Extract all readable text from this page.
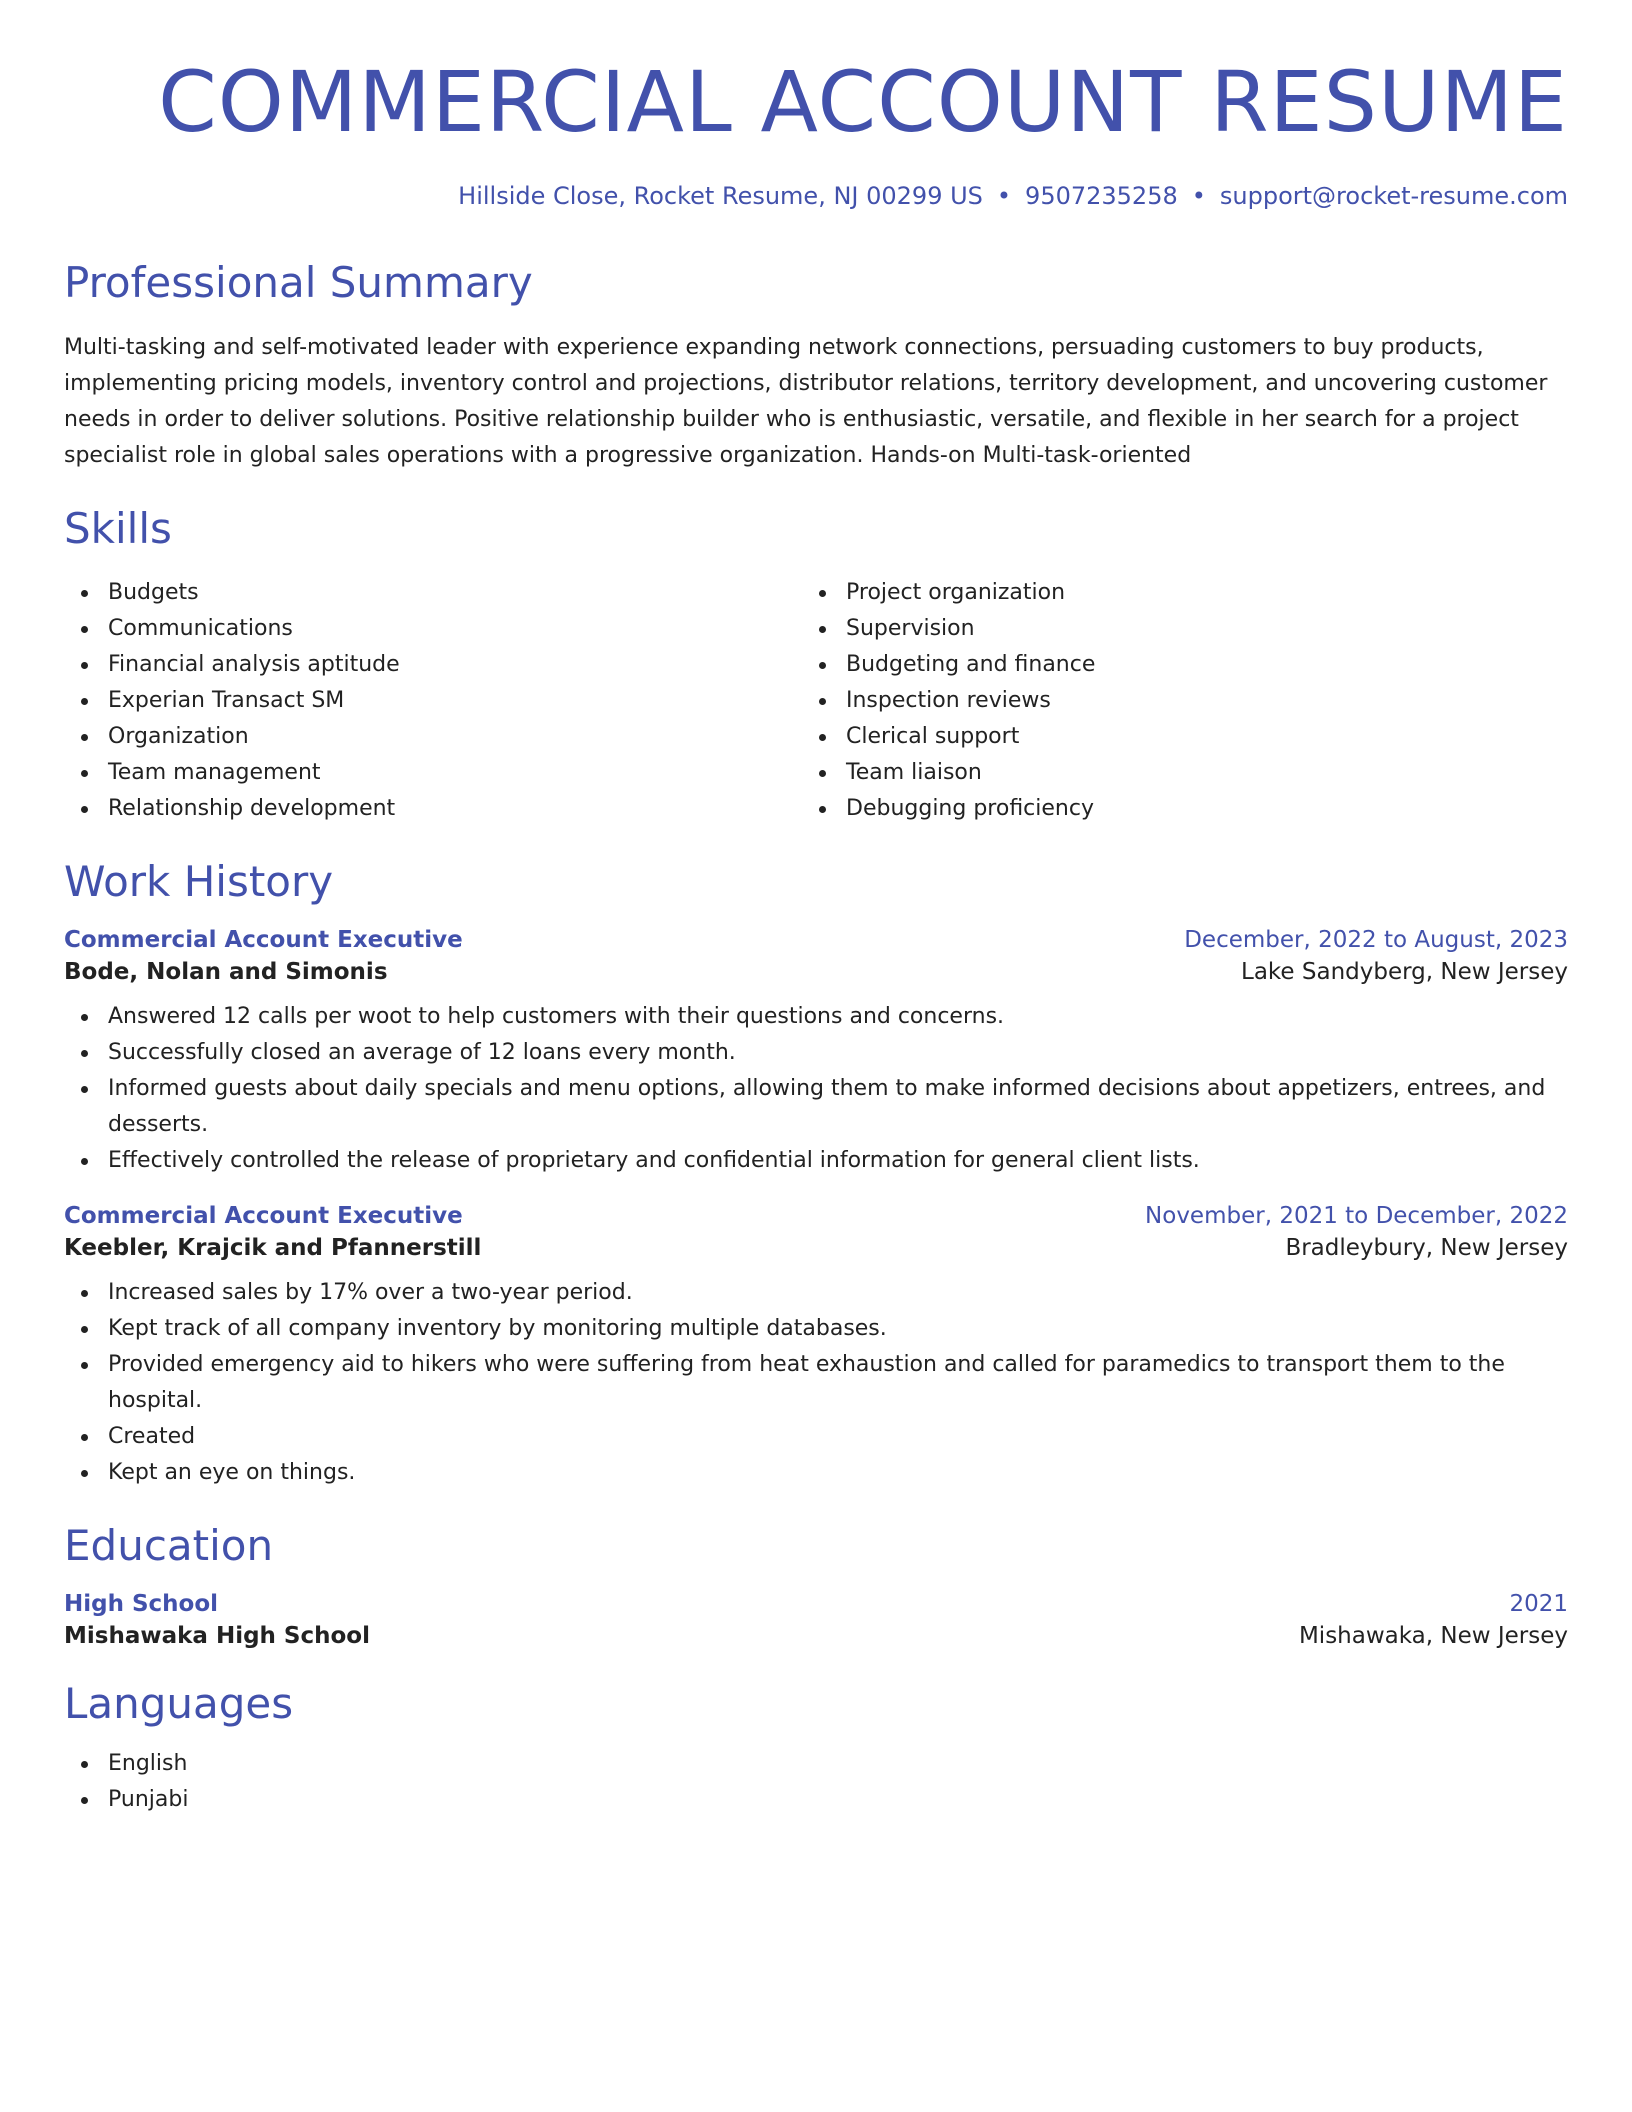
COMMERCIAL ACCOUNT RESUME
Hillside Close, Rocket Resume, NJ 00299 US • 9507235258 • support@rocket-resume.com
Professional Summary

Multi-tasking and self-motivated leader with experience expanding network connections, persuading customers to buy products, implementing pricing models, inventory control and projections, distributor relations, territory development, and uncovering customer needs in order to deliver solutions. Positive relationship builder who is enthusiastic, versatile, and flexible in her search for a project specialist role in global sales operations with a progressive organization. Hands-on Multi-task-oriented

Skills
Budgets
Communications
Financial analysis aptitude
Experian Transact SM
Organization
Team management
Relationship development
Project organization
Supervision
Budgeting and finance
Inspection reviews
Clerical support
Team liaison
Debugging proficiency
Work History
Commercial Account Executive	December, 2022 to August, 2023
Bode, Nolan and Simonis	Lake Sandyberg, New Jersey
Answered 12 calls per woot to help customers with their questions and concerns.
Successfully closed an average of 12 loans every month.
Informed guests about daily specials and menu options, allowing them to make informed decisions about appetizers, entrees, and desserts.
Effectively controlled the release of proprietary and confidential information for general client lists.
Commercial Account Executive	November, 2021 to December, 2022
Keebler, Krajcik and Pfannerstill	Bradleybury, New Jersey
Increased sales by 17% over a two-year period.
Kept track of all company inventory by monitoring multiple databases.
Provided emergency aid to hikers who were suffering from heat exhaustion and called for paramedics to transport them to the hospital.
Created
Kept an eye on things.
Education
High School	2021
Mishawaka High School	Mishawaka, New Jersey
Languages
English
Punjabi
